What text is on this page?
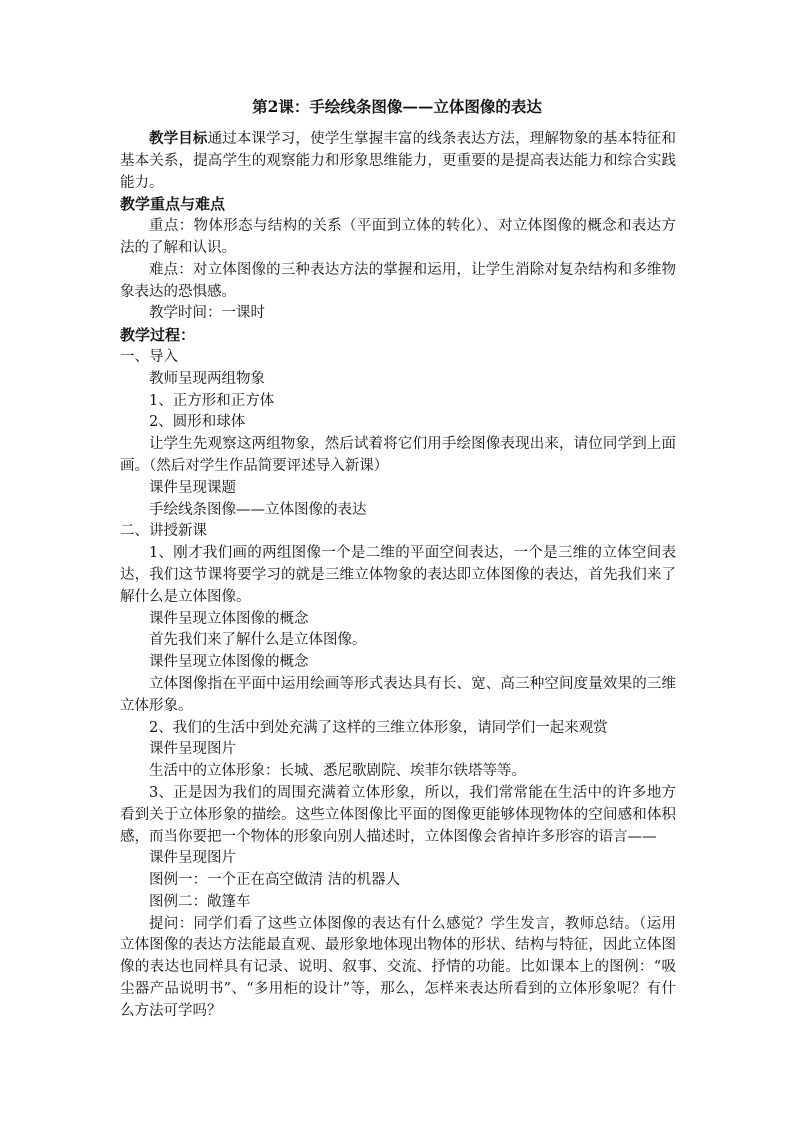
第2课：手绘线条图像——立体图像的表达

教学目标通过本课学习，使学生掌握丰富的线条表达方法，理解物象的基本特征和基本关系，提高学生的观察能力和形象思维能力，更重要的是提高表达能力和综合实践能力。

教学重点与难点

重点：物体形态与结构的关系（平面到立体的转化）、对立体图像的概念和表达方法的了解和认识。

难点：对立体图像的三种表达方法的掌握和运用，让学生消除对复杂结构和多维物象表达的恐惧感。

教学时间：一课时

教学过程：

一、导入

教师呈现两组物象

1、正方形和正方体

2、圆形和球体

让学生先观察这两组物象，然后试着将它们用手绘图像表现出来，请位同学到上面画。（然后对学生作品简要评述导入新课）

课件呈现课题

手绘线条图像——立体图像的表达

二、讲授新课

1、刚才我们画的两组图像一个是二维的平面空间表达，一个是三维的立体空间表达，我们这节课将要学习的就是三维立体物象的表达即立体图像的表达，首先我们来了解什么是立体图像。

课件呈现立体图像的概念

首先我们来了解什么是立体图像。

课件呈现立体图像的概念

立体图像指在平面中运用绘画等形式表达具有长、宽、高三种空间度量效果的三维立体形象。

2、我们的生活中到处充满了这样的三维立体形象，请同学们一起来观赏

课件呈现图片

生活中的立体形象：长城、悉尼歌剧院、埃菲尔铁塔等等。

3、正是因为我们的周围充满着立体形象，所以，我们常常能在生活中的许多地方看到关于立体形象的描绘。这些立体图像比平面的图像更能够体现物体的空间感和体积感，而当你要把一个物体的形象向别人描述时，立体图像会省掉许多形容的语言——

课件呈现图片

图例一：一个正在高空做清 洁的机器人

图例二：敞篷车

提问：同学们看了这些立体图像的表达有什么感觉？学生发言，教师总结。（运用立体图像的表达方法能最直观、最形象地体现出物体的形状、结构与特征，因此立体图像的表达也同样具有记录、说明、叙事、交流、抒情的功能。比如课本上的图例：“吸尘器产品说明书”、“多用柜的设计”等，那么，怎样来表达所看到的立体形象呢？有什么方法可学吗？
